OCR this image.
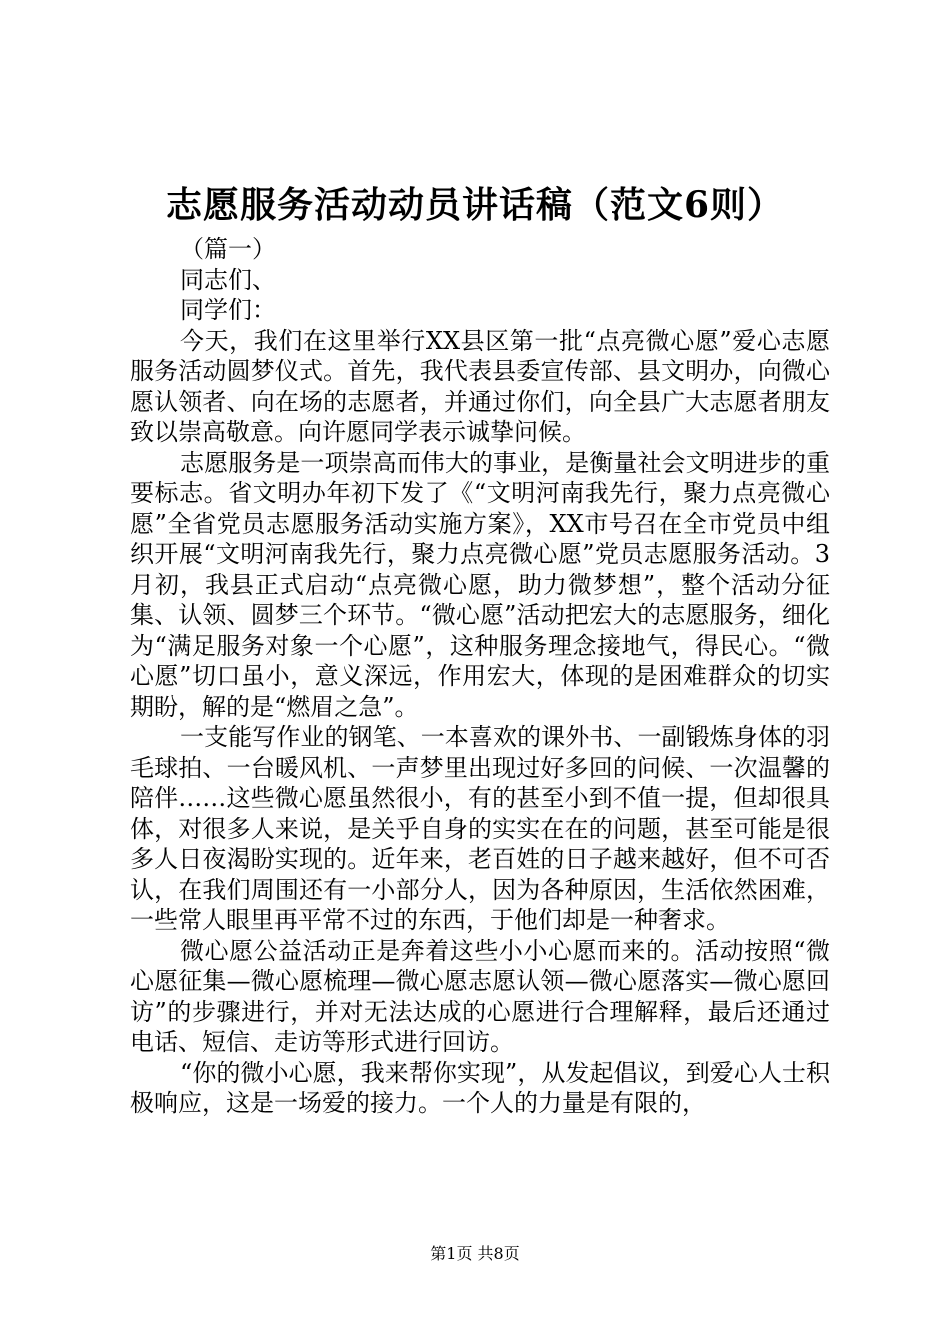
志愿服务活动动员讲话稿（范文6则）

（篇一）

同志们、

同学们：

今天，我们在这里举行XX县区第一批“点亮微心愿”爱心志愿服务活动圆梦仪式。首先，我代表县委宣传部、县文明办，向微心愿认领者、向在场的志愿者，并通过你们，向全县广大志愿者朋友致以崇高敬意。向许愿同学表示诚挚问候。

志愿服务是一项崇高而伟大的事业，是衡量社会文明进步的重要标志。省文明办年初下发了《“文明河南我先行，聚力点亮微心愿”全省党员志愿服务活动实施方案》，XX市号召在全市党员中组织开展“文明河南我先行，聚力点亮微心愿”党员志愿服务活动。3月初，我县正式启动“点亮微心愿，助力微梦想”，整个活动分征集、认领、圆梦三个环节。“微心愿”活动把宏大的志愿服务，细化为“满足服务对象一个心愿”，这种服务理念接地气，得民心。“微心愿”切口虽小，意义深远，作用宏大，体现的是困难群众的切实期盼，解的是“燃眉之急”。

一支能写作业的钢笔、一本喜欢的课外书、一副锻炼身体的羽毛球拍、一台暖风机、一声梦里出现过好多回的问候、一次温馨的陪伴……这些微心愿虽然很小，有的甚至小到不值一提，但却很具体，对很多人来说，是关乎自身的实实在在的问题，甚至可能是很多人日夜渴盼实现的。近年来，老百姓的日子越来越好，但不可否认，在我们周围还有一小部分人，因为各种原因，生活依然困难，一些常人眼里再平常不过的东西，于他们却是一种奢求。

微心愿公益活动正是奔着这些小小心愿而来的。活动按照“微心愿征集—微心愿梳理—微心愿志愿认领—微心愿落实—微心愿回访”的步骤进行，并对无法达成的心愿进行合理解释，最后还通过电话、短信、走访等形式进行回访。

“你的微小心愿，我来帮你实现”，从发起倡议，到爱心人士积极响应，这是一场爱的接力。一个人的力量是有限的，

第1页 共8页
